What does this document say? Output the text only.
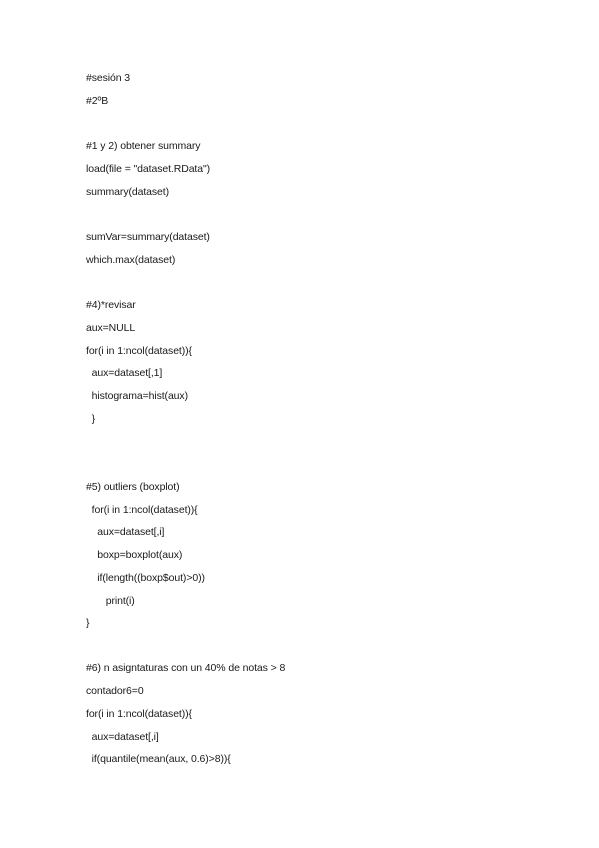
#sesión 3
#2ºB
#1 y 2) obtener summary
load(file = "dataset.RData")
summary(dataset)
sumVar=summary(dataset)
which.max(dataset)
#4)*revisar
aux=NULL
for(i in 1:ncol(dataset)){
aux=dataset[,1]
histograma=hist(aux)
}
#5) outliers (boxplot)
for(i in 1:ncol(dataset)){
aux=dataset[,i]
boxp=boxplot(aux)
if(length((boxp$out)>0))
print(i)
}
#6) n asigntaturas con un 40% de notas > 8
contador6=0
for(i in 1:ncol(dataset)){
aux=dataset[,i]
if(quantile(mean(aux, 0.6)>8)){
